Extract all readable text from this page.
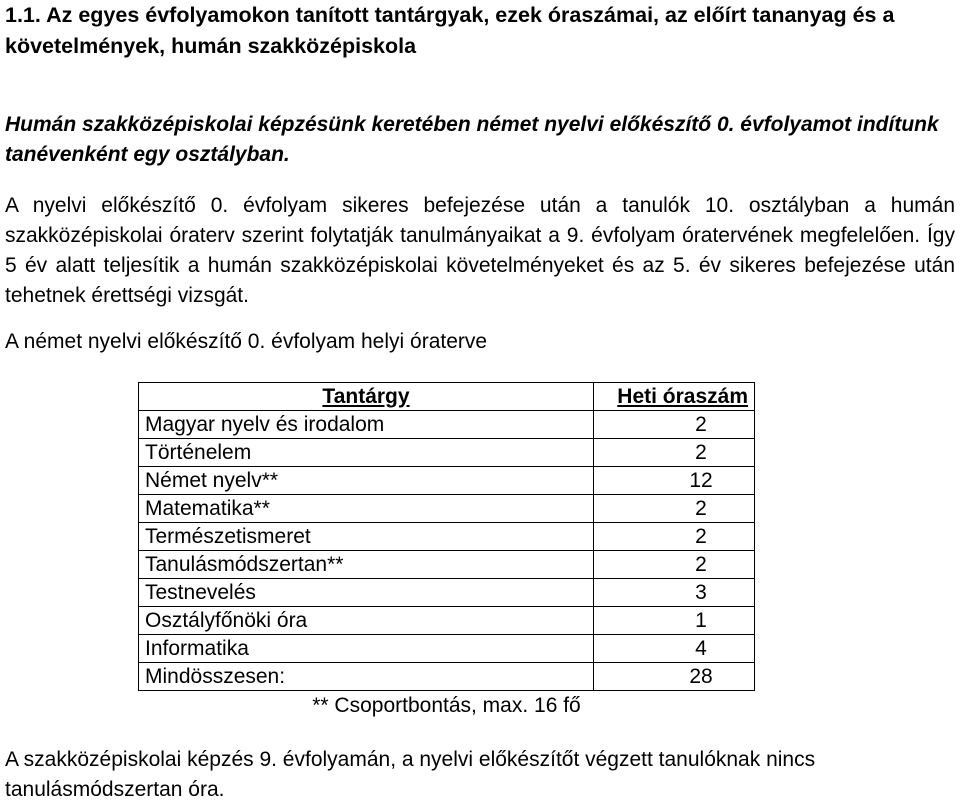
1.1. Az egyes évfolyamokon tanított tantárgyak, ezek óraszámai, az előírt tananyag és a követelmények, humán szakközépiskola

Humán szakközépiskolai képzésünk keretében német nyelvi előkészítő 0. évfolyamot indítunk tanévenként egy osztályban.

A nyelvi előkészítő 0. évfolyam sikeres befejezése után a tanulók 10. osztályban a humán szakközépiskolai óraterv szerint folytatják tanulmányaikat a 9. évfolyam óratervének megfelelően. Így 5 év alatt teljesítik a humán szakközépiskolai követelményeket és az 5. év sikeres befejezése után tehetnek érettségi vizsgát.

A német nyelvi előkészítő 0. évfolyam helyi óraterve

Tantárgy	Heti óraszám
Magyar nyelv és irodalom	2
Történelem	2
Német nyelv**	12
Matematika**	2
Természetismeret	2
Tanulásmódszertan**	2
Testnevelés	3
Osztályfőnöki óra	1
Informatika	4
Mindösszesen:	28

** Csoportbontás, max. 16 fő

A szakközépiskolai képzés 9. évfolyamán, a nyelvi előkészítőt végzett tanulóknak nincs tanulásmódszertan óra.
